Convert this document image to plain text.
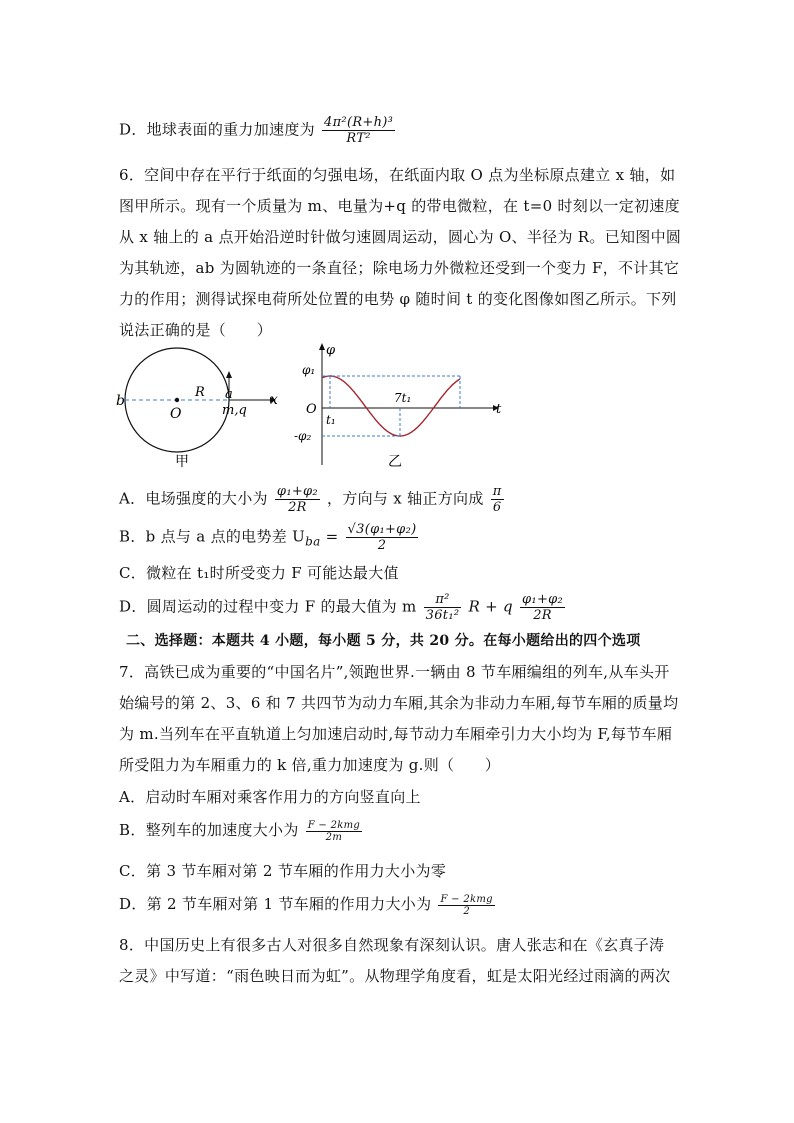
D．地球表面的重力加速度为 $\frac{\text{4π²(R+h)³}}{\text{RT²}}$
6．空间中存在平行于纸面的匀强电场，在纸面内取 O 点为坐标原点建立 x 轴，如
图甲所示。现有一个质量为 m、电量为+q 的带电微粒，在 t=0 时刻以一定初速度
从 x 轴上的 a 点开始沿逆时针做匀速圆周运动，圆心为 O、半径为 R。已知图中圆
为其轨迹，ab 为圆轨迹的一条直径；除电场力外微粒还受到一个变力 F，不计其它
力的作用；测得试探电荷所处位置的电势 φ 随时间 t 的变化图像如图乙所示。下列
说法正确的是（　　）
b
O
R a
m,q
x
甲
φ
φ₁
O
t₁
7t₁
t
-φ₂
乙
A．电场强度的大小为 $\frac{\text{φ₁+φ₂}}{2R}$ ，方向与 x 轴正方向成 $\frac{\pi}{6}$
B．b 点与 a 点的电势差 $U_{ba} = \frac{\text{√3(φ₁+φ₂)}}{2}$
C．微粒在 t₁时所受变力 F 可能达最大值
D．圆周运动的过程中变力 F 的最大值为 m $\frac{\text{π²}}{\text{36t₁²}}$ R + q $\frac{\text{φ₁+φ₂}}{2R}$
二、选择题：本题共 4 小题，每小题 5 分，共 20 分。在每小题给出的四个选项
7．高铁已成为重要的“中国名片”,领跑世界.一辆由 8 节车厢编组的列车,从车头开
始编号的第 2、3、6 和 7 共四节为动力车厢,其余为非动力车厢,每节车厢的质量均
为 m.当列车在平直轨道上匀加速启动时,每节动力车厢牵引力大小均为 F,每节车厢
所受阻力为车厢重力的 k 倍,重力加速度为 g.则（　　）
A．启动时车厢对乘客作用力的方向竖直向上
B．整列车的加速度大小为 $\frac{\text{F − 2kmg}}{2m}$
C．第 3 节车厢对第 2 节车厢的作用力大小为零
D．第 2 节车厢对第 1 节车厢的作用力大小为 $\frac{\text{F − 2kmg}}{2}$
8．中国历史上有很多古人对很多自然现象有深刻认识。唐人张志和在《玄真子涛
之灵》中写道：“雨色映日而为虹”。从物理学角度看，虹是太阳光经过雨滴的两次
